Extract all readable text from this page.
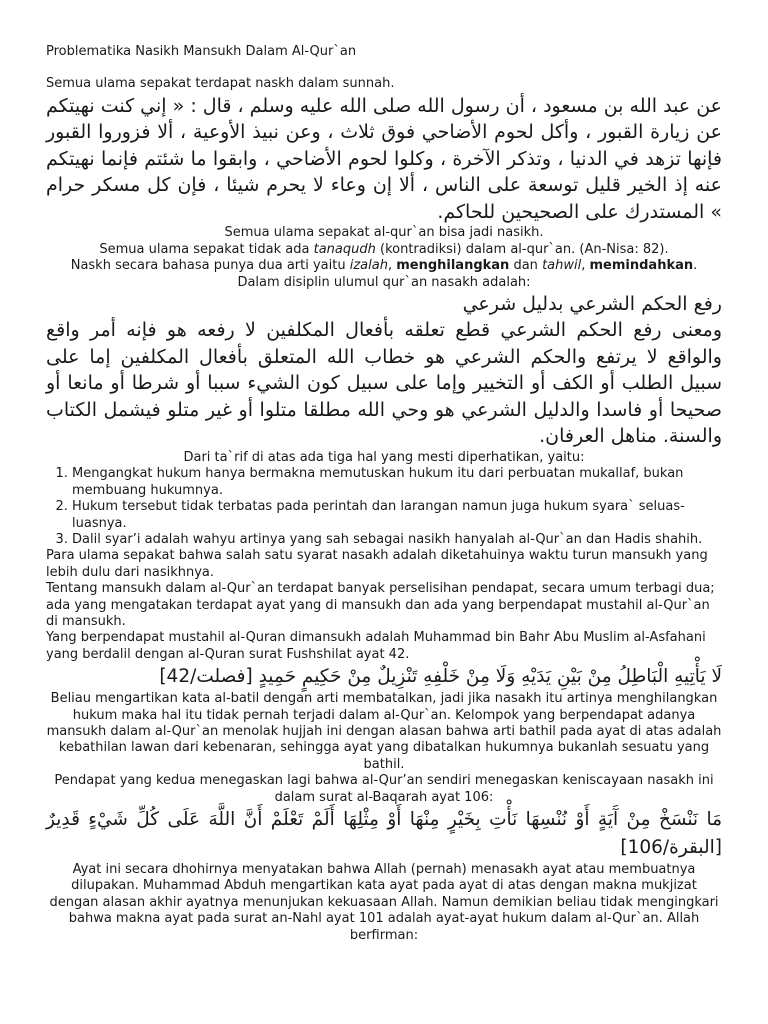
Problematika Nasikh Mansukh Dalam Al-Qur`an

Semua ulama sepakat terdapat naskh dalam sunnah.

عن عبد الله بن مسعود ، أن رسول الله صلى الله عليه وسلم ، قال : « إني كنت نهيتكم عن زيارة القبور ، وأكل لحوم الأضاحي فوق ثلاث ، وعن نبيذ الأوعية ، ألا فزوروا القبور فإنها تزهد في الدنيا ، وتذكر الآخرة ، وكلوا لحوم الأضاحي ، وابقوا ما شئتم فإنما نهيتكم عنه إذ الخير قليل توسعة على الناس ، ألا إن وعاء لا يحرم شيئا ، فإن كل مسكر حرام » المستدرك على الصحيحين للحاكم.

Semua ulama sepakat al-qur`an bisa jadi nasikh.

Semua ulama sepakat tidak ada tanaqudh (kontradiksi) dalam al-qur`an. (An-Nisa: 82).

Naskh secara bahasa punya dua arti yaitu izalah, menghilangkan dan tahwil, memindahkan.

Dalam disiplin ulumul qur`an nasakh adalah:

رفع الحكم الشرعي بدليل شرعي

ومعنى رفع الحكم الشرعي قطع تعلقه بأفعال المكلفين لا رفعه هو فإنه أمر واقع والواقع لا يرتفع والحكم الشرعي هو خطاب الله المتعلق بأفعال المكلفين إما على سبيل الطلب أو الكف أو التخيير وإما على سبيل كون الشيء سببا أو شرطا أو مانعا أو صحيحا أو فاسدا والدليل الشرعي هو وحي الله مطلقا متلوا أو غير متلو فيشمل الكتاب والسنة. مناهل العرفان.

Dari ta`rif di atas ada tiga hal yang mesti diperhatikan, yaitu:

1. Mengangkat hukum hanya bermakna memutuskan hukum itu dari perbuatan mukallaf, bukan membuang hukumnya.
2. Hukum tersebut tidak terbatas pada perintah dan larangan namun juga hukum syara` seluas-luasnya.
3. Dalil syar’i adalah wahyu artinya yang sah sebagai nasikh hanyalah al-Qur`an dan Hadis shahih.

Para ulama sepakat bahwa salah satu syarat nasakh adalah diketahuinya waktu turun mansukh yang lebih dulu dari nasikhnya.

Tentang mansukh dalam al-Qur`an terdapat banyak perselisihan pendapat, secara umum terbagi dua; ada yang mengatakan terdapat ayat yang di mansukh dan ada yang berpendapat mustahil al-Qur`an di mansukh.

Yang berpendapat mustahil al-Quran dimansukh adalah Muhammad bin Bahr Abu Muslim al-Asfahani yang berdalil dengan al-Quran surat Fushshilat ayat 42.

لَا يَأْتِيهِ الْبَاطِلُ مِنْ بَيْنِ يَدَيْهِ وَلَا مِنْ خَلْفِهِ تَنْزِيلٌ مِنْ حَكِيمٍ حَمِيدٍ [فصلت/42]

Beliau mengartikan kata al-batil dengan arti membatalkan, jadi jika nasakh itu artinya menghilangkan hukum maka hal itu tidak pernah terjadi dalam al-Qur`an. Kelompok yang berpendapat adanya mansukh dalam al-Qur`an menolak hujjah ini dengan alasan bahwa arti bathil pada ayat di atas adalah kebathilan lawan dari kebenaran, sehingga ayat yang dibatalkan hukumnya bukanlah sesuatu yang bathil.

Pendapat yang kedua menegaskan lagi bahwa al-Qur’an sendiri menegaskan keniscayaan nasakh ini dalam surat al-Baqarah ayat 106:

مَا نَنْسَخْ مِنْ آَيَةٍ أَوْ نُنْسِهَا نَأْتِ بِخَيْرٍ مِنْهَا أَوْ مِثْلِهَا أَلَمْ تَعْلَمْ أَنَّ اللَّهَ عَلَى كُلِّ شَيْءٍ قَدِيرٌ [البقرة/106]

Ayat ini secara dhohirnya menyatakan bahwa Allah (pernah) menasakh ayat atau membuatnya dilupakan. Muhammad Abduh mengartikan kata ayat pada ayat di atas dengan makna mukjizat dengan alasan akhir ayatnya menunjukan kekuasaan Allah. Namun demikian beliau tidak mengingkari bahwa makna ayat pada surat an-Nahl ayat 101 adalah ayat-ayat hukum dalam al-Qur`an. Allah berfirman:
